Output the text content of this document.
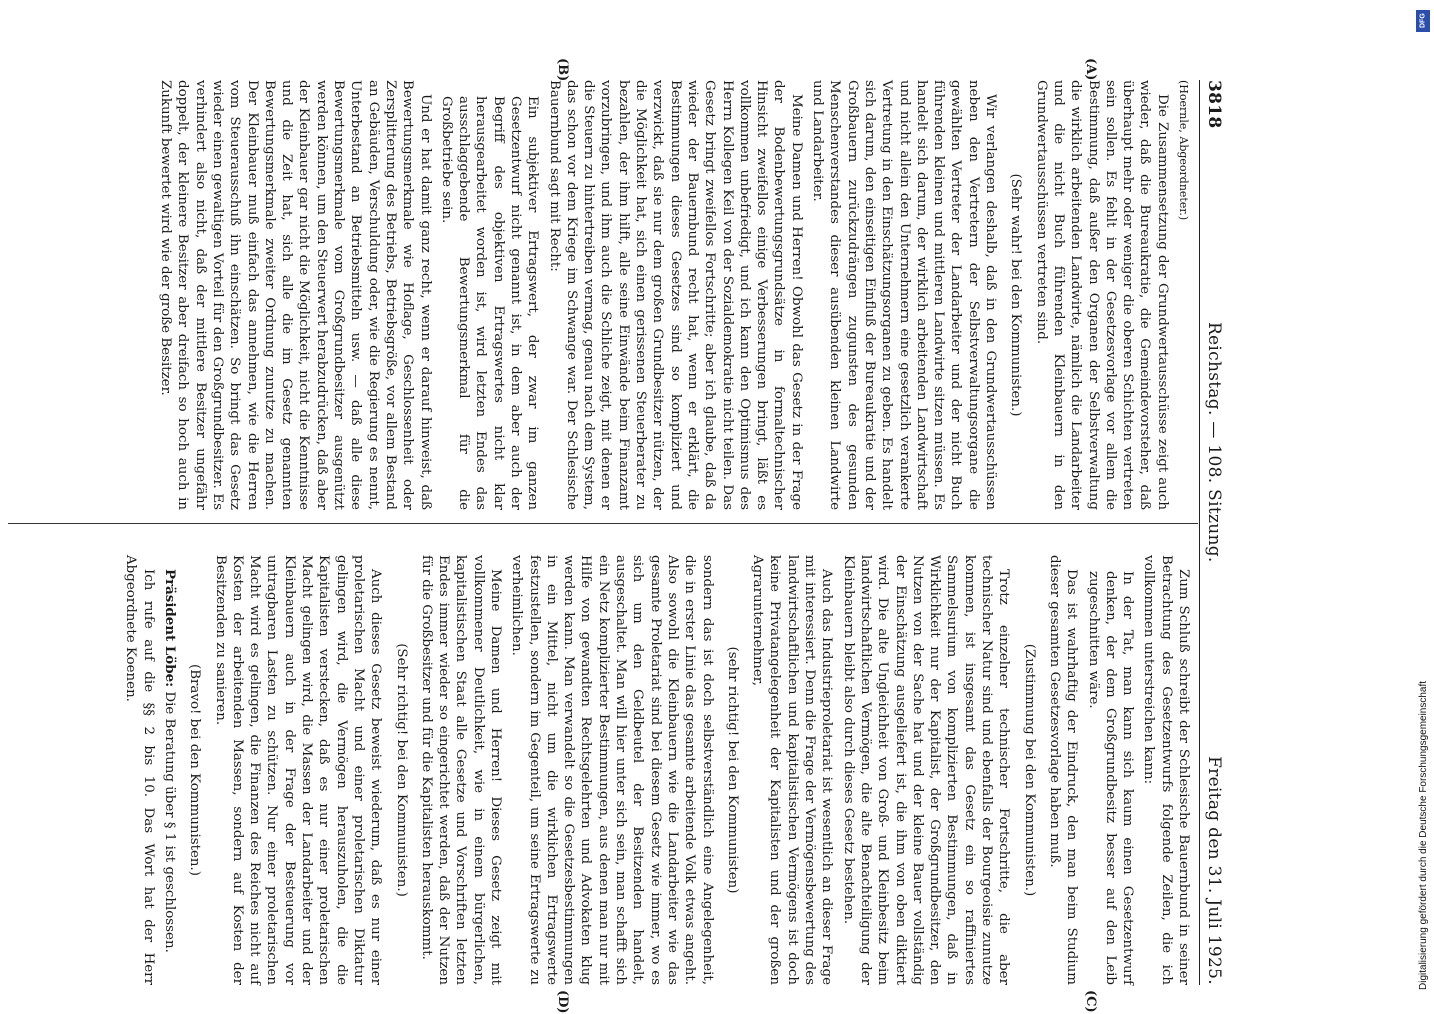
3818
Reichstag. — 108. Sitzung.
Freitag den 31. Juli 1925.
(A)
(B)
(C)
(D)

(Hoernle, Abgeordneter.)

Die Zusammensetzung der Grundwertausschüsse zeigt auch wieder, daß die Bureaukratie, die Gemeindevorsteher, daß überhaupt mehr oder weniger die oberen Schichten vertreten sein sollen. Es fehlt in der Gesetzesvorlage vor allem die Bestimmung, daß außer den Organen der Selbstverwaltung die wirklich arbeitenden Landwirte, nämlich die Landarbeiter und die nicht Buch führenden Kleinbauern in den Grundwertausschüssen vertreten sind.

(Sehr wahr! bei den Kommunisten.)

Wir verlangen deshalb, daß in den Grundwertausschüssen neben den Vertretern der Selbstverwaltungsorgane die gewählten Vertreter der Landarbeiter und der nicht Buch führenden kleinen und mittleren Landwirte sitzen müssen. Es handelt sich darum, der wirklich arbeitenden Landwirtschaft und nicht allein den Unternehmern eine gesetzlich verankerte Vertretung in den Einschätzungsorganen zu geben. Es handelt sich darum, den einseitigen Einfluß der Bureaukratie und der Großbauern zurückzudrängen zugunsten des gesunden Menschenverstandes dieser ausübenden kleinen Landwirte und Landarbeiter.

Meine Damen und Herren! Obwohl das Gesetz in der Frage der Bodenbewertungsgrundsätze in formaltechnischer Hinsicht zweifellos einige Verbesserungen bringt, läßt es vollkommen unbefriedigt, und ich kann den Optimismus des Herrn Kollegen Keil von der Sozialdemokratie nicht teilen. Das Gesetz bringt zweifellos Fortschritte; aber ich glaube, daß da wieder der Bauernbund recht hat, wenn er erklärt, die Bestimmungen dieses Gesetzes sind so kompliziert und verzwickt, daß sie nur dem großen Grundbesitzer nützen, der die Möglichkeit hat, sich einen gerissenen Steuerberater zu bezahlen, der ihm hilft, alle seine Einwände beim Finanzamt vorzubringen, und ihm auch die Schliche zeigt, mit denen er die Steuern zu hintertreiben vermag, genau nach dem System, das schon vor dem Kriege im Schwange war. Der Schlesische Bauernbund sagt mit Recht:

Ein subjektiver Ertragswert, der zwar im ganzen Gesetzentwurf nicht genannt ist, in dem aber auch der Begriff des objektiven Ertragswertes nicht klar herausgearbeitet worden ist, wird letzten Endes das ausschlaggebende Bewertungsmerkmal für die Großbetriebe sein.

Und er hat damit ganz recht, wenn er darauf hinweist, daß Bewertungsmerkmale wie Hoflage, Geschlossenheit oder Zersplitterung des Betriebs, Betriebsgröße, vor allem Bestand an Gebäuden, Verschuldung oder, wie die Regierung es nennt, Unterbestand an Betriebsmitteln usw. — daß alle diese Bewertungsmerkmale vom Großgrundbesitzer ausgenützt werden können, um den Steuerwert herabzudrücken, daß aber der Kleinbauer gar nicht die Möglichkeit, nicht die Kenntnisse und die Zeit hat, sich alle die im Gesetz genannten Bewertungsmerkmale zweiter Ordnung zunutze zu machen. Der Kleinbauer muß einfach das annehmen, wie die Herren vom Steuerausschuß ihn einschätzen. So bringt das Gesetz wieder einen gewaltigen Vorteil für den Großgrundbesitzer. Es verhindert also nicht, daß der mittlere Besitzer ungefähr doppelt, der kleinere Besitzer aber dreifach so hoch auch in Zukunft bewertet wird wie der große Besitzer.

Zum Schluß schreibt der Schlesische Bauernbund in seiner Betrachtung des Gesetzentwurfs folgende Zeilen, die ich vollkommen unterstreichen kann:

In der Tat, man kann sich kaum einen Gesetzentwurf denken, der dem Großgrundbesitz besser auf den Leib zugeschnitten wäre.

Das ist wahrhaftig der Eindruck, den man beim Studium dieser gesamten Gesetzesvorlage haben muß.

(Zustimmung bei den Kommunisten.)

Trotz einzelner technischer Fortschritte, die aber technischer Natur sind und ebenfalls der Bourgeoisie zunutze kommen, ist insgesamt das Gesetz ein so raffiniertes Sammelsurium von komplizierten Bestimmungen, daß in Wirklichkeit nur der Kapitalist, der Großgrundbesitzer, den Nutzen von der Sache hat und der kleine Bauer vollständig der Einschätzung ausgeliefert ist, die ihm von oben diktiert wird. Die alte Ungleichheit von Groß- und Kleinbesitz beim landwirtschaftlichen Vermögen, die alte Benachteiligung der Kleinbauern bleibt also durch dieses Gesetz bestehen.

Auch das Industrieproletariat ist wesentlich an dieser Frage mit interessiert. Denn die Frage der Vermögensbewertung des landwirtschaftlichen und kapitalistischen Vermögens ist doch keine Privatangelegenheit der Kapitalisten und der großen Agrarunternehmer,

(sehr richtig! bei den Kommunisten)

sondern das ist doch selbstverständlich eine Angelegenheit, die in erster Linie das gesamte arbeitende Volk etwas angeht. Also sowohl die Kleinbauern wie die Landarbeiter wie das gesamte Proletariat sind bei diesem Gesetz wie immer, wo es sich um den Geldbeutel der Besitzenden handelt, ausgeschaltet. Man will hier unter sich sein, man schafft sich ein Netz komplizierter Bestimmungen, aus denen man nur mit Hilfe von gewandten Rechtsgelehrten und Advokaten klug werden kann. Man verwandelt so die Gesetzesbestimmungen in ein Mittel, nicht um die wirklichen Ertragswerte festzustellen, sondern im Gegenteil, um seine Ertragswerte zu verheimlichen.

Meine Damen und Herren! Dieses Gesetz zeigt mit vollkommener Deutlichkeit, wie in einem bürgerlichen, kapitalistischen Staat alle Gesetze und Vorschriften letzten Endes immer wieder so eingerichtet werden, daß der Nutzen für die Großbesitzer und für die Kapitalisten herauskommt.

(Sehr richtig! bei den Kommunisten.)

Auch dieses Gesetz beweist wiederum, daß es nur einer proletarischen Macht und einer proletarischen Diktatur gelingen wird, die Vermögen herauszuholen, die die Kapitalisten verstecken, daß es nur einer proletarischen Macht gelingen wird, die Massen der Landarbeiter und der Kleinbauern auch in der Frage der Besteuerung vor untragbaren Lasten zu schützen. Nur einer proletarischen Macht wird es gelingen, die Finanzen des Reiches nicht auf Kosten der arbeitenden Massen, sondern auf Kosten der Besitzenden zu sanieren.

(Bravo! bei den Kommunisten.)

Präsident Löbe: Die Beratung über § 1 ist geschlossen.

Ich rufe auf die §§ 2 bis 10. Das Wort hat der Herr Abgeordnete Koenen.

DFG
Digitalisierung gefördert durch die Deutsche Forschungsgemeinschaft
